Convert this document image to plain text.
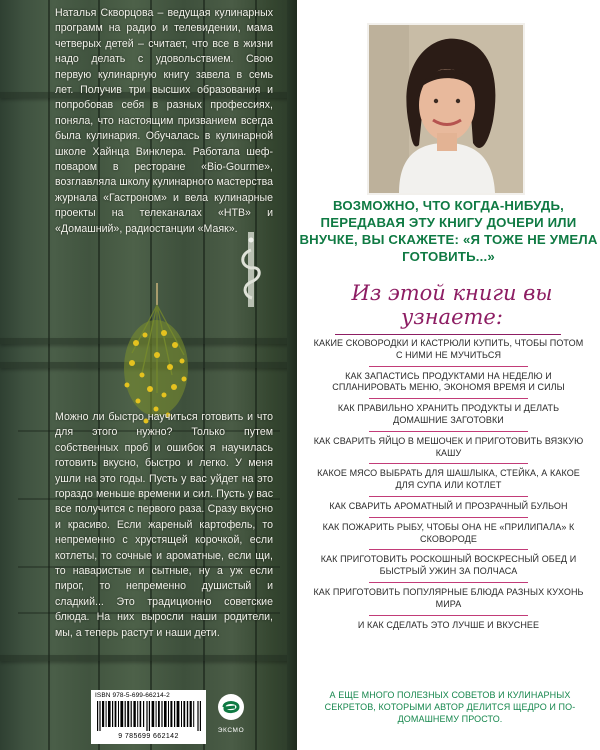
Наталья Скворцова – ведущая кулинарных программ на радио и телевидении, мама четверых детей – считает, что все в жизни надо делать с удовольствием. Свою первую кулинарную книгу завела в семь лет. Получив три высших образования и попробовав себя в разных профессиях, поняла, что настоящим призванием всегда была кулинария. Обучалась в кулинарной школе Хайнца Винклера. Работала шеф-поваром в ресторане «Bio-Gourme», возглавляла школу кулинарного мастерства журнала «Гастроном» и вела кулинарные проекты на телеканалах «НТВ» и «Домашний», радиостанции «Маяк».
Можно ли быстро научиться готовить и что для этого нужно? Только путем собственных проб и ошибок я научилась готовить вкусно, быстро и легко. У меня ушли на это годы. Пусть у вас уйдет на это гораздо меньше времени и сил. Пусть у вас все получится с первого раза. Сразу вкусно и красиво. Если жареный картофель, то непременно с хрустящей корочкой, если котлеты, то сочные и ароматные, если щи, то наваристые и сытные, ну а уж если пирог, то непременно душистый и сладкий... Это традиционно советские блюда. На них выросли наши родители, мы, а теперь растут и наши дети.
ISBN 978-5-699-66214-2
9 785699 662142
ЭКСМО
ВОЗМОЖНО, ЧТО КОГДА-НИБУДЬ, ПЕРЕДАВАЯ ЭТУ КНИГУ ДОЧЕРИ ИЛИ ВНУЧКЕ, ВЫ СКАЖЕТЕ: «Я ТОЖЕ НЕ УМЕЛА ГОТОВИТЬ...»
Из этой книги вы узнаете:
КАКИЕ СКОВОРОДКИ И КАСТРЮЛИ КУПИТЬ, ЧТОБЫ ПОТОМ С НИМИ НЕ МУЧИТЬСЯ
КАК ЗАПАСТИСЬ ПРОДУКТАМИ НА НЕДЕЛЮ И СПЛАНИРОВАТЬ МЕНЮ, ЭКОНОМЯ ВРЕМЯ И СИЛЫ
КАК ПРАВИЛЬНО ХРАНИТЬ ПРОДУКТЫ И ДЕЛАТЬ ДОМАШНИЕ ЗАГОТОВКИ
КАК СВАРИТЬ ЯЙЦО В МЕШОЧЕК И ПРИГОТОВИТЬ ВЯЗКУЮ КАШУ
КАКОЕ МЯСО ВЫБРАТЬ ДЛЯ ШАШЛЫКА, СТЕЙКА, А КАКОЕ ДЛЯ СУПА ИЛИ КОТЛЕТ
КАК СВАРИТЬ АРОМАТНЫЙ И ПРОЗРАЧНЫЙ БУЛЬОН
КАК ПОЖАРИТЬ РЫБУ, ЧТОБЫ ОНА НЕ «ПРИЛИПАЛА» К СКОВОРОДЕ
КАК ПРИГОТОВИТЬ РОСКОШНЫЙ ВОСКРЕСНЫЙ ОБЕД И БЫСТРЫЙ УЖИН ЗА ПОЛЧАСА
КАК ПРИГОТОВИТЬ ПОПУЛЯРНЫЕ БЛЮДА РАЗНЫХ КУХОНЬ МИРА
И КАК СДЕЛАТЬ ЭТО ЛУЧШЕ И ВКУСНЕЕ
А ЕЩЕ МНОГО ПОЛЕЗНЫХ СОВЕТОВ И КУЛИНАРНЫХ СЕКРЕТОВ, КОТОРЫМИ АВТОР ДЕЛИТСЯ ЩЕДРО И ПО-ДОМАШНЕМУ ПРОСТО.
